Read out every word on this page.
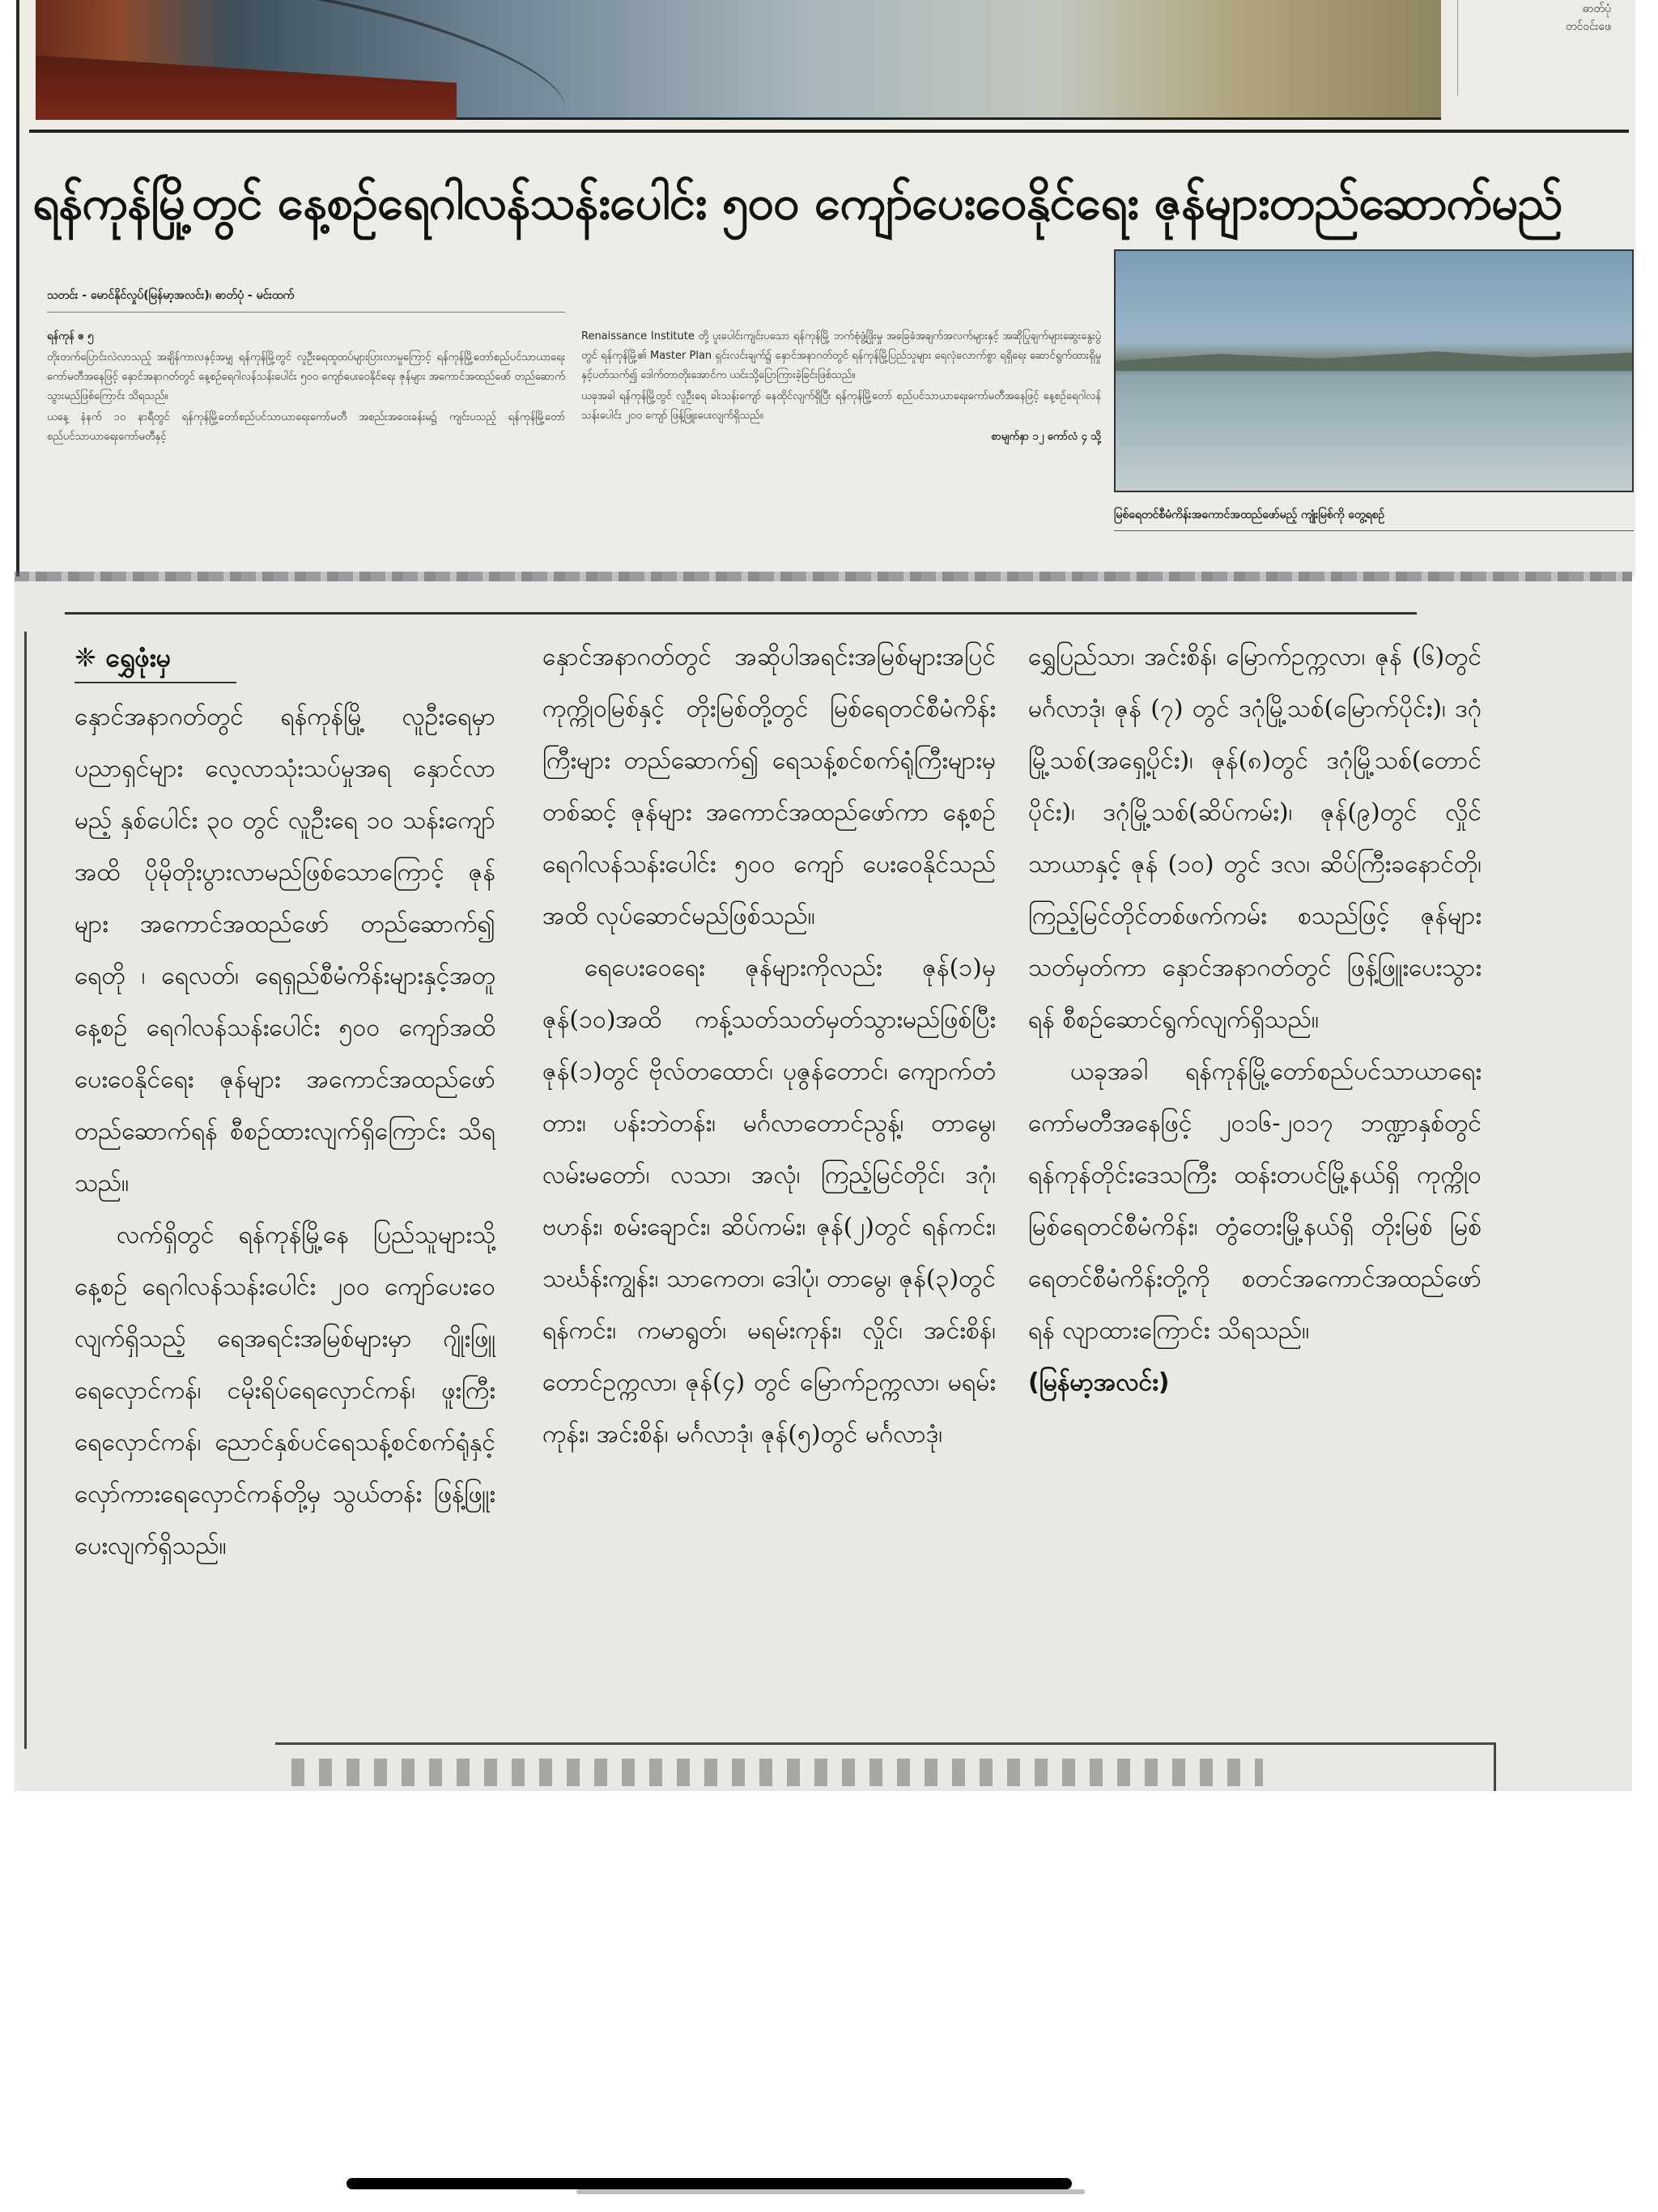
ဓာတ်ပုံ
တင်ဝင်းဖေ
ရန်ကုန်မြို့တွင် နေ့စဉ်ရေဂါလန်သန်းပေါင်း ၅၀၀ ကျော်ပေးဝေနိုင်ရေး ဇုန်များတည်ဆောက်မည်
သတင်း - မောင်နိုင်လှုပ်(မြန်မာ့အလင်း)၊ ဓာတ်ပုံ - မင်းထက်

ရန်ကုန် ဧ ၅

တိုးတက်ပြောင်းလဲလာသည့် အချိန်ကာလနှင့်အမျှ ရန်ကုန်မြို့တွင် လူဦးရေထူထပ်များပြားလာမှုကြောင့် ရန်ကုန်မြို့တော်စည်ပင်သာယာရေးကော်မတီအနေဖြင့် နှောင်အနာဂတ်တွင် နေ့စဉ်ရေဂါလန်သန်းပေါင်း ၅၀၀ ကျော်ပေးဝေနိုင်ရေး ဇုန်များ အကောင်အထည်ဖော် တည်ဆောက်သွားမည်ဖြစ်ကြောင်း သိရသည်။

ယနေ့ နံနက် ၁၀ နာရီတွင် ရန်ကုန်မြို့တော်စည်ပင်သာယာရေးကော်မတီ အစည်းအဝေးခန်းမ၌ ကျင်းပသည့် ရန်ကုန်မြို့တော်စည်ပင်သာယာရေးကော်မတီနှင့်

Renaissance Institute တို့ ပူးပေါင်းကျင်းပသော ရန်ကုန်မြို့ ဘက်စုံဖွံ့ဖြိုးမှု အခြေခံအချက်အလက်များနှင့် အဆိုပြုချက်များဆွေးနွေးပွဲတွင် ရန်ကုန်မြို့၏ Master Plan ရှင်းလင်းချက်၌ နှောင်အနာဂတ်တွင် ရန်ကုန်မြို့ပြည်သူများ ရေလုံလောက်စွာ ရရှိရေး ဆောင်ရွက်ထားရှိမှုနှင့်ပတ်သက်၍ ဒေါက်တာတိုးအောင်က ယင်းသို့ပြောကြားခဲ့ခြင်းဖြစ်သည်။

ယခုအခါ ရန်ကုန်မြို့တွင် လူဦးရေ ခါးသန်းကျော် နေထိုင်လျက်ရှိပြီး ရန်ကုန်မြို့တော် စည်ပင်သာယာရေးကော်မတီအနေဖြင့် နေ့စဉ်ရေဂါလန်သန်းပေါင်း ၂၀၀ ကျော် ဖြန့်ဖြူးပေးလျက်ရှိသည်။

စာမျက်နှာ ၁၂ ကော်လံ ၄ သို့
မြစ်ရေတင်စီမံကိန်းအကောင်အထည်ဖော်မည့် ကျုံးမြစ်ကို တွေ့ရစဉ်
❈ ရွှေဖုံးမှ

နှောင်အနာဂတ်တွင် ရန်ကုန်မြို့ လူဦးရေမှာ ပညာရှင်များ လေ့လာသုံးသပ်မှုအရ နှောင်လာမည့် နှစ်ပေါင်း ၃၀ တွင် လူဦးရေ ၁၀ သန်းကျော်အထိ ပိုမိုတိုးပွားလာမည်ဖြစ်သောကြောင့် ဇုန်များ အကောင်အထည်ဖော် တည်ဆောက်၍ ရေတို ၊ ရေလတ်၊ ရေရှည်စီမံကိန်းများနှင့်အတူ နေ့စဉ် ရေဂါလန်သန်းပေါင်း ၅၀၀ ကျော်အထိ ပေးဝေနိုင်ရေး ဇုန်များ အကောင်အထည်ဖော်တည်ဆောက်ရန် စီစဉ်ထားလျက်ရှိကြောင်း သိရသည်။

လက်ရှိတွင် ရန်ကုန်မြို့နေ ပြည်သူများသို့ နေ့စဉ် ရေဂါလန်သန်းပေါင်း ၂၀၀ ကျော်ပေးဝေလျက်ရှိသည့် ရေအရင်းအမြစ်များမှာ ဂျိုးဖြူရေလှောင်ကန်၊ ငမိုးရိပ်ရေလှောင်ကန်၊ ဖူးကြီးရေလှောင်ကန်၊ ညောင်နှစ်ပင်ရေသန့်စင်စက်ရုံနှင့် လှော်ကားရေလှောင်ကန်တို့မှ သွယ်တန်း ဖြန့်ဖြူးပေးလျက်ရှိသည်။

နှောင်အနာဂတ်တွင် အဆိုပါအရင်းအမြစ်များအပြင် ကုက္ကိုဝမြစ်နှင့် တိုးမြစ်တို့တွင် မြစ်ရေတင်စီမံကိန်းကြီးများ တည်ဆောက်၍ ရေသန့်စင်စက်ရုံကြီးများမှ တစ်ဆင့် ဇုန်များ အကောင်အထည်ဖော်ကာ နေ့စဉ် ရေဂါလန်သန်းပေါင်း ၅၀၀ ကျော် ပေးဝေနိုင်သည်အထိ လုပ်ဆောင်မည်ဖြစ်သည်။

ရေပေးဝေရေး ဇုန်များကိုလည်း ဇုန်(၁)မှ ဇုန်(၁၀)အထိ ကန့်သတ်သတ်မှတ်သွားမည်ဖြစ်ပြီး ဇုန်(၁)တွင် ဗိုလ်တထောင်၊ ပုဇွန်တောင်၊ ကျောက်တံတား၊ ပန်းဘဲတန်း၊ မင်္ဂလာတောင်ညွန့်၊ တာမွေ၊ လမ်းမတော်၊ လသာ၊ အလုံ၊ ကြည့်မြင်တိုင်၊ ဒဂုံ၊ ဗဟန်း၊ စမ်းချောင်း၊ ဆိပ်ကမ်း၊ ဇုန်(၂)တွင် ရန်ကင်း၊ သင်္ဃန်းကျွန်း၊ သာကေတ၊ ဒေါပုံ၊ တာမွေ၊ ဇုန်(၃)တွင် ရန်ကင်း၊ ကမာရွတ်၊ မရမ်းကုန်း၊ လှိုင်၊ အင်းစိန်၊ တောင်ဥက္ကလာ၊ ဇုန်(၄) တွင် မြောက်ဥက္ကလာ၊ မရမ်းကုန်း၊ အင်းစိန်၊ မင်္ဂလာဒုံ၊ ဇုန်(၅)တွင် မင်္ဂလာဒုံ၊

ရွှေပြည်သာ၊ အင်းစိန်၊ မြောက်ဥက္ကလာ၊ ဇုန် (၆)တွင် မင်္ဂလာဒုံ၊ ဇုန် (၇) တွင် ဒဂုံမြို့သစ်(မြောက်ပိုင်း)၊ ဒဂုံမြို့သစ်(အရှေ့ပိုင်း)၊ ဇုန်(၈)တွင် ဒဂုံမြို့သစ်(တောင်ပိုင်း)၊ ဒဂုံမြို့သစ်(ဆိပ်ကမ်း)၊ ဇုန်(၉)တွင် လှိုင်သာယာနှင့် ဇုန် (၁၀) တွင် ဒလ၊ ဆိပ်ကြီးခနောင်တို၊ ကြည့်မြင်တိုင်တစ်ဖက်ကမ်း စသည်ဖြင့် ဇုန်များ သတ်မှတ်ကာ နှောင်အနာဂတ်တွင် ဖြန့်ဖြူးပေးသွားရန် စီစဉ်ဆောင်ရွက်လျက်ရှိသည်။

ယခုအခါ ရန်ကုန်မြို့တော်စည်ပင်သာယာရေးကော်မတီအနေဖြင့် ၂၀၁၆-၂၀၁၇ ဘဏ္ဍာနှစ်တွင် ရန်ကုန်တိုင်းဒေသကြီး ထန်းတပင်မြို့နယ်ရှိ ကုက္ကိုဝမြစ်ရေတင်စီမံကိန်း၊ တွံတေးမြို့နယ်ရှိ တိုးမြစ် မြစ်ရေတင်စီမံကိန်းတို့ကို စတင်အကောင်အထည်ဖော်ရန် လျာထားကြောင်း သိရသည်။

(မြန်မာ့အလင်း)
